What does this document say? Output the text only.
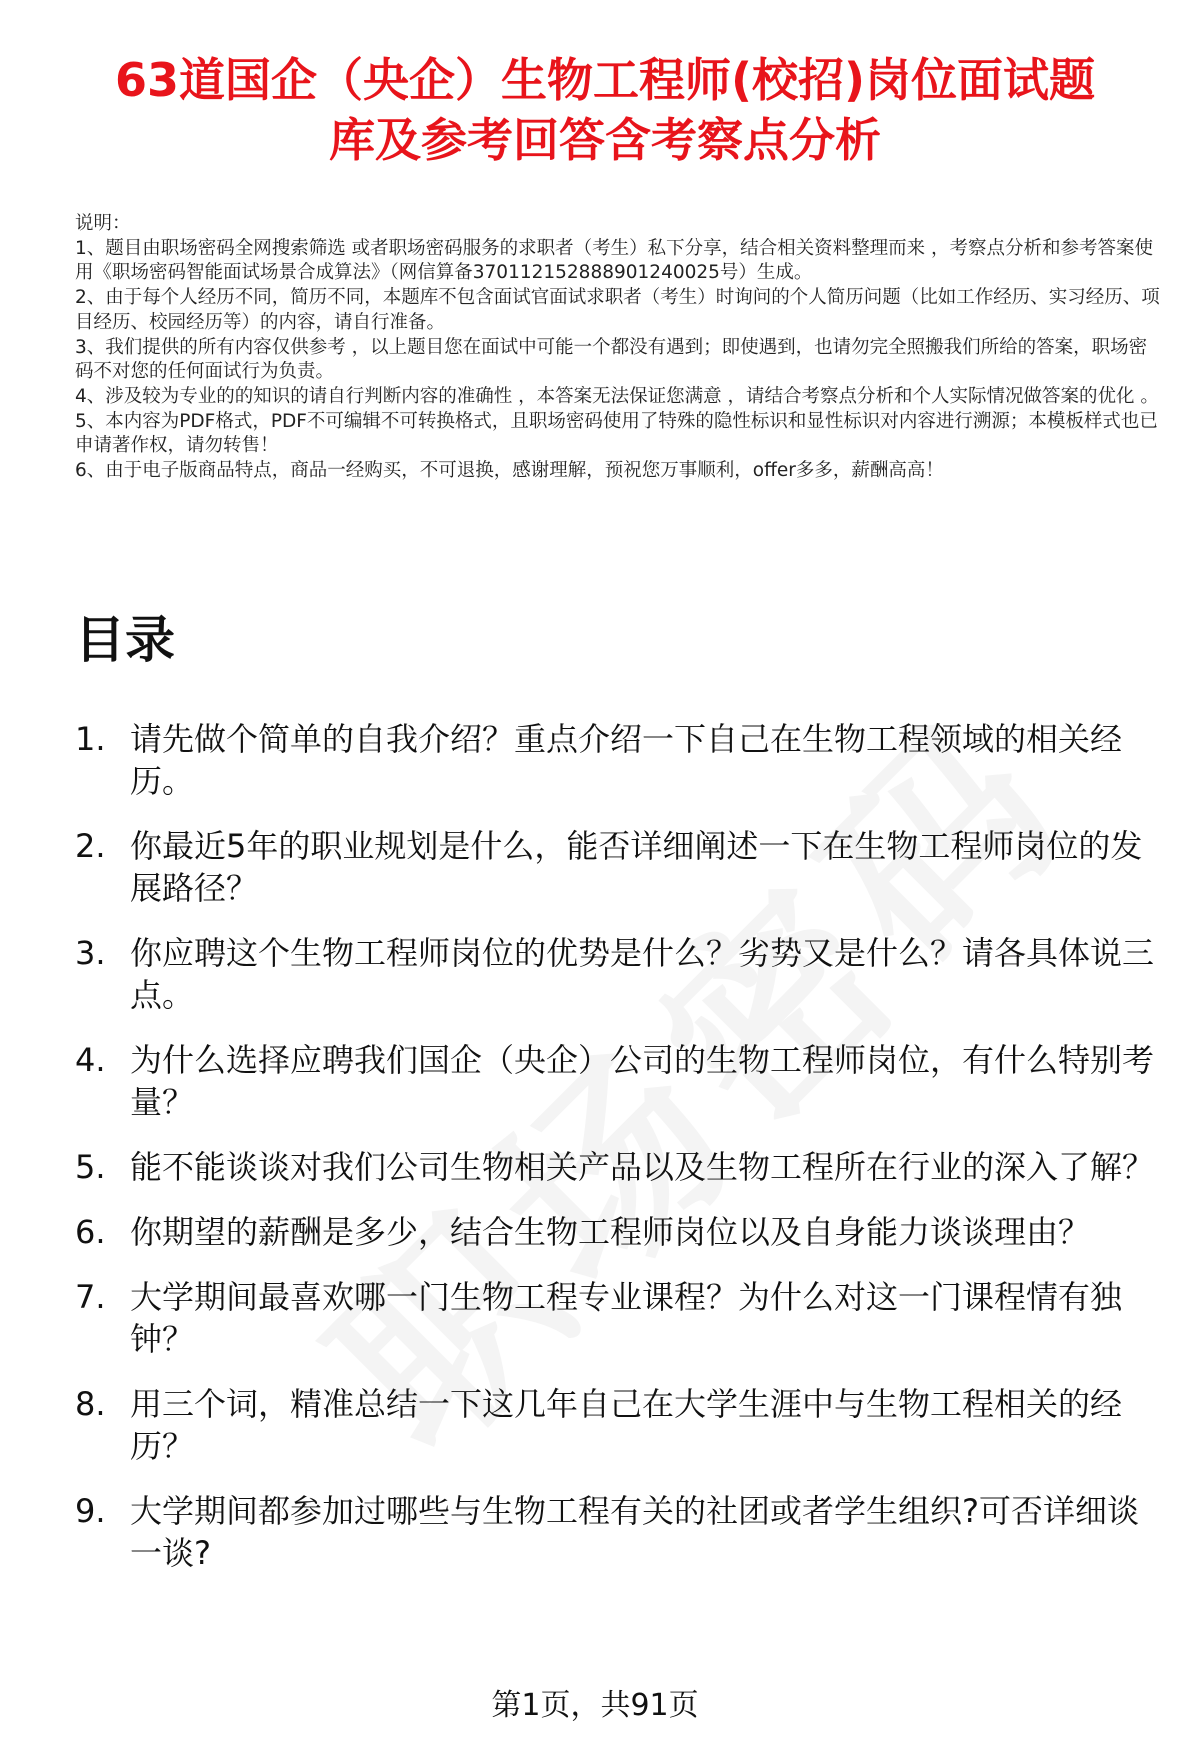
63道国企（央企）生物工程师(校招)岗位面试题
库及参考回答含考察点分析

说明：

1、题目由职场密码全网搜索筛选 或者职场密码服务的求职者（考生）私下分享，结合相关资料整理而来 ，考察点分析和参考答案使用《职场密码智能面试场景合成算法》（网信算备370112152888901240025号）生成。

2、由于每个人经历不同，简历不同，本题库不包含面试官面试求职者（考生）时询问的个人简历问题（比如工作经历、实习经历、项目经历、校园经历等）的内容，请自行准备。

3、我们提供的所有内容仅供参考 ，以上题目您在面试中可能一个都没有遇到；即使遇到，也请勿完全照搬我们所给的答案，职场密码不对您的任何面试行为负责。

4、涉及较为专业的的知识的请自行判断内容的准确性 ，本答案无法保证您满意 ，请结合考察点分析和个人实际情况做答案的优化 。

5、本内容为PDF格式，PDF不可编辑不可转换格式，且职场密码使用了特殊的隐性标识和显性标识对内容进行溯源；本模板样式也已申请著作权，请勿转售！

6、由于电子版商品特点，商品一经购买，不可退换，感谢理解，预祝您万事顺利，offer多多，薪酬高高！

目录
1. 请先做个简单的自我介绍？重点介绍一下自己在生物工程领域的相关经历。
2. 你最近5年的职业规划是什么，能否详细阐述一下在生物工程师岗位的发展路径？
3. 你应聘这个生物工程师岗位的优势是什么？劣势又是什么？请各具体说三点。
4. 为什么选择应聘我们国企（央企）公司的生物工程师岗位，有什么特别考量？
5. 能不能谈谈对我们公司生物相关产品以及生物工程所在行业的深入了解？
6. 你期望的薪酬是多少，结合生物工程师岗位以及自身能力谈谈理由？
7. 大学期间最喜欢哪一门生物工程专业课程？为什么对这一门课程情有独钟？
8. 用三个词，精准总结一下这几年自己在大学生涯中与生物工程相关的经历？
9. 大学期间都参加过哪些与生物工程有关的社团或者学生组织?可否详细谈一谈?
第1页，共91页
